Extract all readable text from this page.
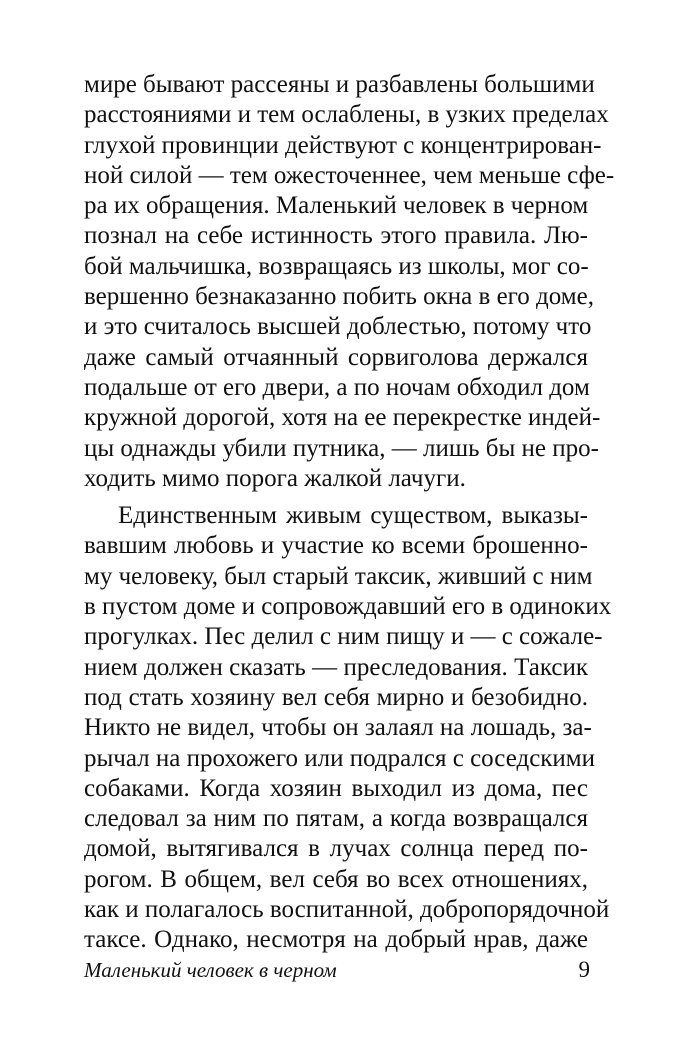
мире бывают рассеяны и разбавлены большими
расстояниями и тем ослаблены, в узких пределах
глухой провинции действуют с концентрирован-
ной силой — тем ожесточеннее, чем меньше сфе-
ра их обращения. Маленький человек в черном
познал на себе истинность этого правила. Лю-
бой мальчишка, возвращаясь из школы, мог со-
вершенно безнаказанно побить окна в его доме,
и это считалось высшей доблестью, потому что
даже самый отчаянный сорвиголова держался
подальше от его двери, а по ночам обходил дом
кружной дорогой, хотя на ее перекрестке индей-
цы однажды убили путника, — лишь бы не про-
ходить мимо порога жалкой лачуги.
Единственным живым существом, выказы-
вавшим любовь и участие ко всеми брошенно-
му человеку, был старый таксик, живший с ним
в пустом доме и сопровождавший его в одиноких
прогулках. Пес делил с ним пищу и — с сожале-
нием должен сказать — преследования. Таксик
под стать хозяину вел себя мирно и безобидно.
Никто не видел, чтобы он залаял на лошадь, за-
рычал на прохожего или подрался с соседскими
собаками. Когда хозяин выходил из дома, пес
следовал за ним по пятам, а когда возвращался
домой, вытягивался в лучах солнца перед по-
рогом. В общем, вел себя во всех отношениях,
как и полагалось воспитанной, добропорядочной
таксе. Однако, несмотря на добрый нрав, даже
Маленький человек в черном	9
